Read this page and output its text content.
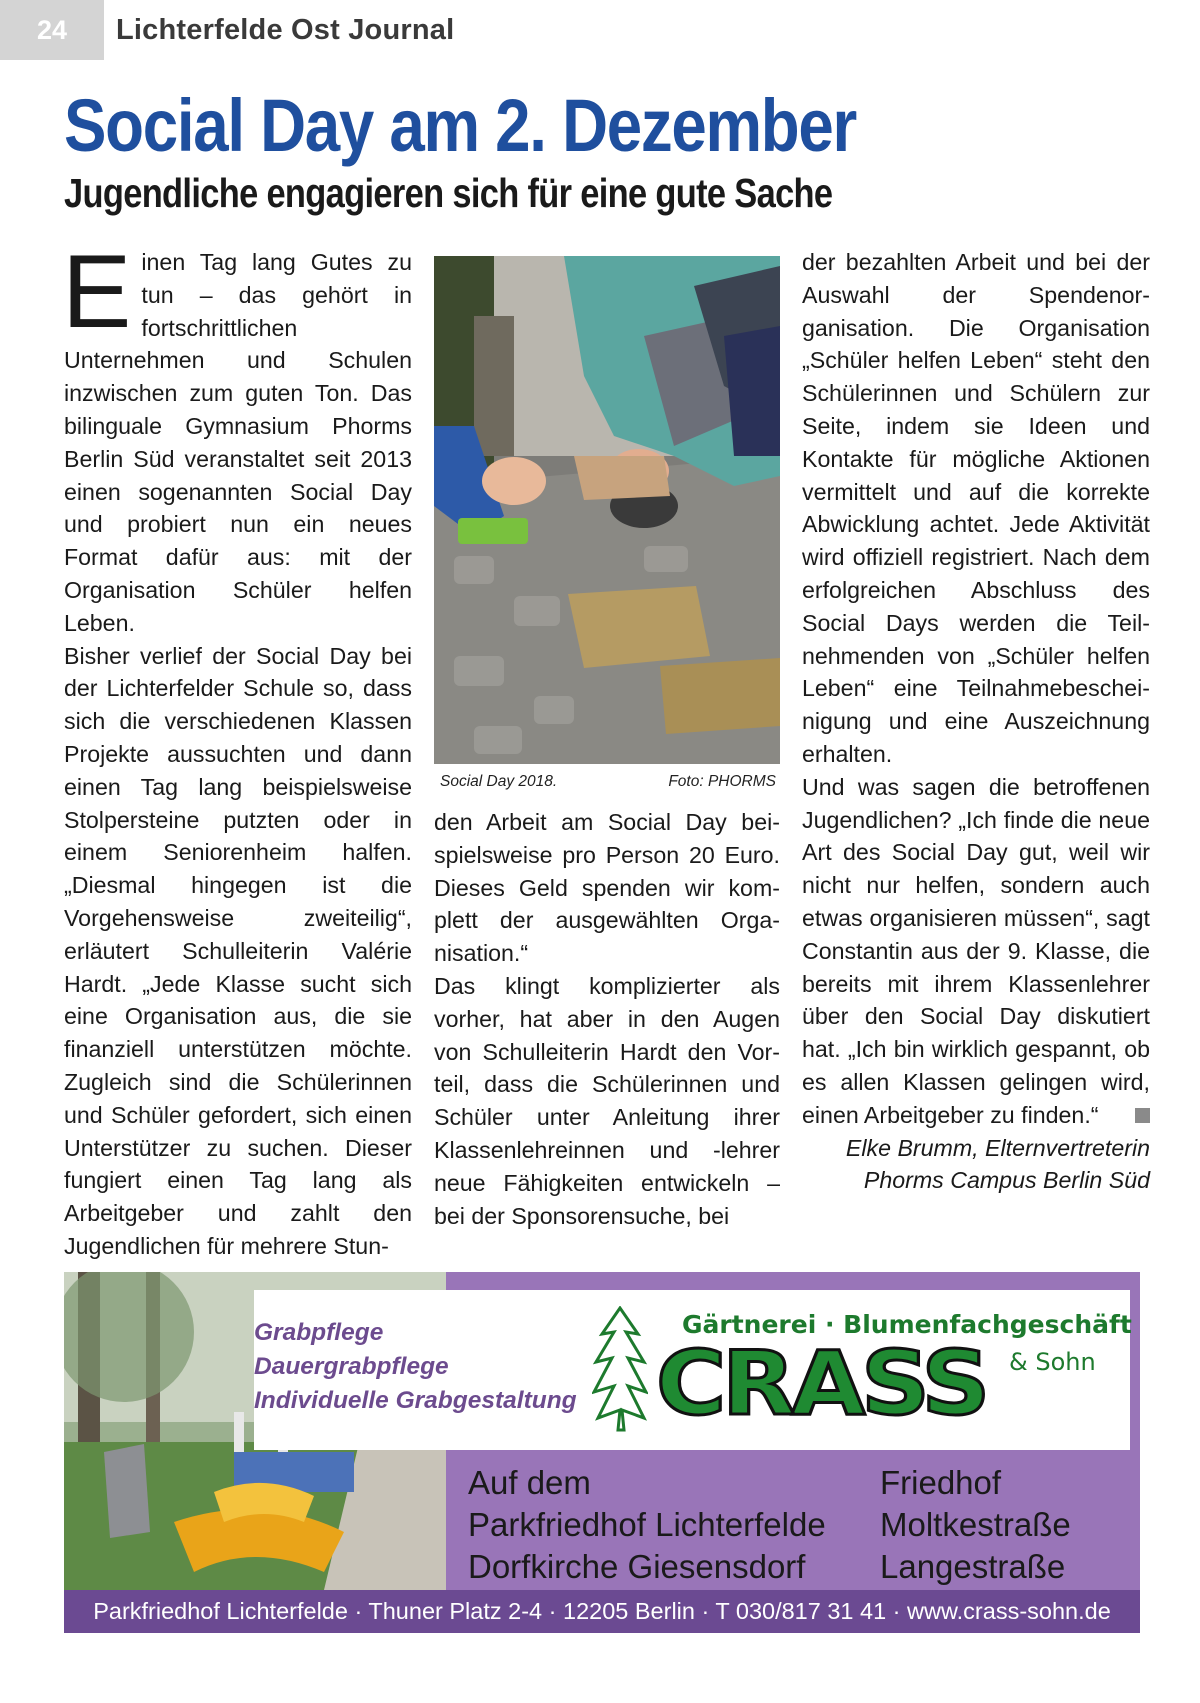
24	Lichterfelde Ost Journal
Social Day am 2. Dezember
Jugendliche engagieren sich für eine gute Sache

Einen Tag lang Gutes zu tun – das gehört in fortschrittlichen Unternehmen und Schulen inzwischen zum guten Ton. Das bilinguale Gymnasium Phorms Berlin Süd veranstaltet seit 2013 einen sogenannten Social Day und probiert nun ein neues Format dafür aus: mit der Organisation Schüler helfen Leben.

Bisher verlief der Social Day bei der Lichterfelder Schule so, dass sich die verschiedenen Klassen Projekte aussuchten und dann einen Tag lang beispielsweise Stolpersteine putzten oder in einem Seniorenheim halfen. „Diesmal hingegen ist die Vorgehensweise zweiteilig“, erläutert Schulleiterin Valérie Hardt. „Jede Klasse sucht sich eine Organisation aus, die sie finanziell unterstützen möchte. Zugleich sind die Schülerinnen und Schüler gefordert, sich einen Unterstützer zu suchen. Dieser fungiert einen Tag lang als Arbeitgeber und zahlt den Jugendlichen für mehrere Stun-

Social Day 2018.	Foto: PHORMS

den Arbeit am Social Day beispielsweise pro Person 20 Euro. Dieses Geld spenden wir komplett der ausgewählten Organisation.“

Das klingt komplizierter als vorher, hat aber in den Augen von Schulleiterin Hardt den Vorteil, dass die Schülerinnen und Schüler unter Anleitung ihrer Klassenlehreinnen und -lehrer neue Fähigkeiten entwickeln – bei der Sponsorensuche, bei

der bezahlten Arbeit und bei der Auswahl der Spendenorganisation. Die Organisation „Schüler helfen Leben“ steht den Schülerinnen und Schülern zur Seite, indem sie Ideen und Kontakte für mögliche Aktionen vermittelt und auf die korrekte Abwicklung achtet. Jede Aktivität wird offiziell registriert. Nach dem erfolgreichen Abschluss des Social Days werden die Teilnehmenden von „Schüler helfen Leben“ eine Teilnahmebescheinigung und eine Auszeichnung erhalten.

Und was sagen die betroffenen Jugendlichen? „Ich finde die neue Art des Social Day gut, weil wir nicht nur helfen, sondern auch etwas organisieren müssen“, sagt Constantin aus der 9. Klasse, die bereits mit ihrem Klassenlehrer über den Social Day diskutiert hat. „Ich bin wirklich gespannt, ob es allen Klassen gelingen wird, einen Arbeitgeber zu finden.“

Elke Brumm, Elternvertreterin

Phorms Campus Berlin Süd

Grabpflege
Dauergrabpflege
Individuelle Grabgestaltung
Gärtnerei · Blumenfachgeschäft
CRASS & Sohn
Auf dem
Parkfriedhof Lichterfelde
Dorfkirche Giesensdorf
Friedhof
Moltkestraße
Langestraße
Parkfriedhof Lichterfelde · Thuner Platz 2-4 · 12205 Berlin · T 030/817 31 41 · www.crass-sohn.de
